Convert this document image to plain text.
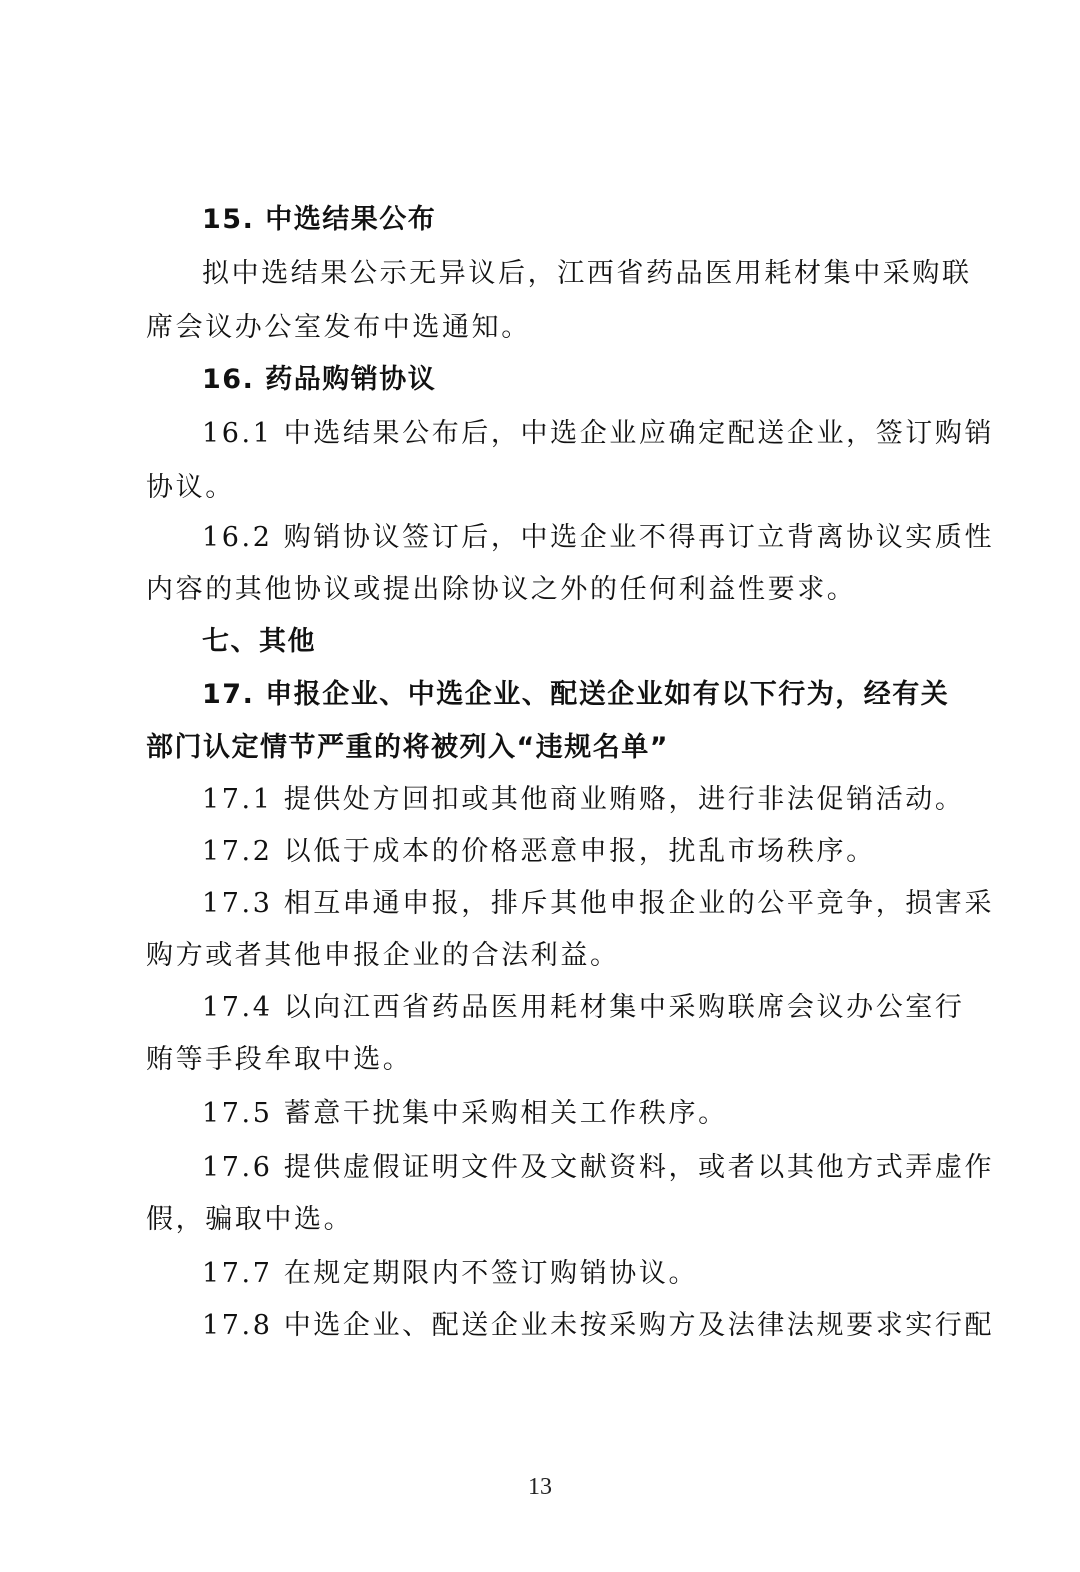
15. 中选结果公布
拟中选结果公示无异议后，江西省药品医用耗材集中采购联
席会议办公室发布中选通知。
16. 药品购销协议
16.1 中选结果公布后，中选企业应确定配送企业，签订购销
协议。
16.2 购销协议签订后，中选企业不得再订立背离协议实质性
内容的其他协议或提出除协议之外的任何利益性要求。
七、其他
17. 申报企业、中选企业、配送企业如有以下行为，经有关
部门认定情节严重的将被列入“违规名单”
17.1 提供处方回扣或其他商业贿赂，进行非法促销活动。
17.2 以低于成本的价格恶意申报，扰乱市场秩序。
17.3 相互串通申报，排斥其他申报企业的公平竞争，损害采
购方或者其他申报企业的合法利益。
17.4 以向江西省药品医用耗材集中采购联席会议办公室行
贿等手段牟取中选。
17.5 蓄意干扰集中采购相关工作秩序。
17.6 提供虚假证明文件及文献资料，或者以其他方式弄虚作
假，骗取中选。
17.7 在规定期限内不签订购销协议。
17.8 中选企业、配送企业未按采购方及法律法规要求实行配
13
